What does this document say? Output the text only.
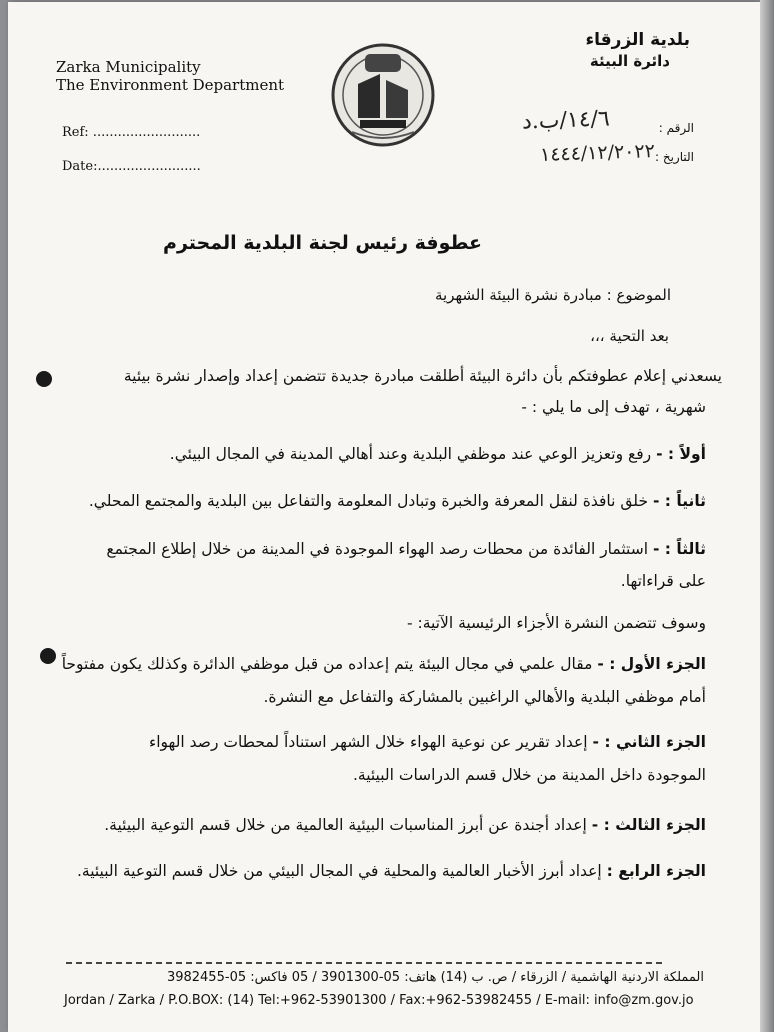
Zarka Municipality
The Environment Department
Ref: ..........................
Date:.........................
بلدية الزرقاء
دائرة البيئة
الرقم :
التاريخ :
١٤/٦/ب.د
١٤٤٤/١٢/٢٠٢٢
عطوفة رئيس لجنة البلدية المحترم
الموضوع : مبادرة نشرة البيئة الشهرية
بعد التحية ،،،
يسعدني إعلام عطوفتكم بأن دائرة البيئة أطلقت مبادرة جديدة تتضمن إعداد وإصدار نشرة بيئية
شهرية ، تهدف إلى ما يلي : -
أولاً : - رفع وتعزيز الوعي عند موظفي البلدية وعند أهالي المدينة في المجال البيئي.
ثانياً : - خلق نافذة لنقل المعرفة والخبرة وتبادل المعلومة والتفاعل بين البلدية والمجتمع المحلي.
ثالثاً : - استثمار الفائدة من محطات رصد الهواء الموجودة في المدينة من خلال إطلاع المجتمع
على قراءاتها.
وسوف تتضمن النشرة الأجزاء الرئيسية الآتية: -
الجزء الأول : - مقال علمي في مجال البيئة يتم إعداده من قبل موظفي الدائرة وكذلك يكون مفتوحاً
أمام موظفي البلدية والأهالي الراغبين بالمشاركة والتفاعل مع النشرة.
الجزء الثاني : - إعداد تقرير عن نوعية الهواء خلال الشهر استناداً لمحطات رصد الهواء
الموجودة داخل المدينة من خلال قسم الدراسات البيئية.
الجزء الثالث : - إعداد أجندة عن أبرز المناسبات البيئية العالمية من خلال قسم التوعية البيئية.
الجزء الرابع : إعداد أبرز الأخبار العالمية والمحلية في المجال البيئي من خلال قسم التوعية البيئية.
المملكة الاردنية الهاشمية / الزرقاء / ص. ب (14) هاتف: 05-3901300 / 05 فاكس: 05-3982455
Jordan / Zarka / P.O.BOX: (14) Tel:+962-53901300 / Fax:+962-53982455 / E-mail: info@zm.gov.jo
